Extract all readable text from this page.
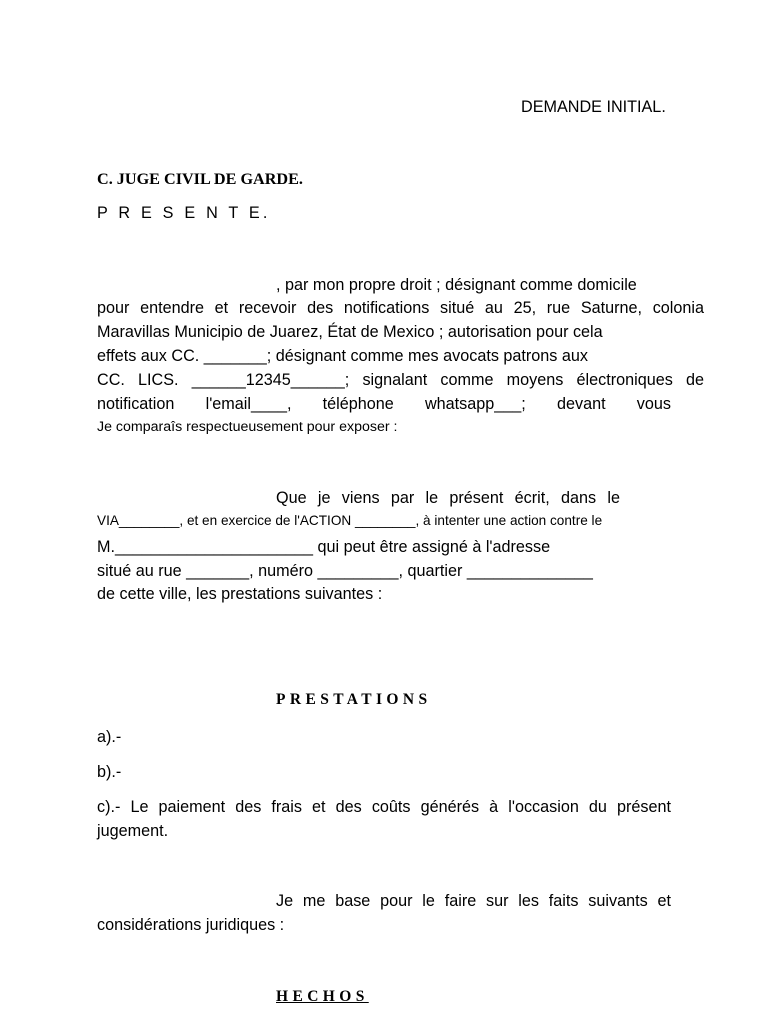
DEMANDE INITIAL.

C. JUGE CIVIL DE GARDE.

P R E S E N T E.

, par mon propre droit ; désignant comme domicile

pour entendre et recevoir des notifications situé au 25, rue Saturne, colonia

Maravillas Municipio de Juarez, État de Mexico ; autorisation pour cela

effets aux CC. _______; désignant comme mes avocats patrons aux

CC. LICS. ______12345______; signalant comme moyens électroniques de

notification l'email____, téléphone whatsapp___; devant vous

Je comparaîs respectueusement pour exposer :

Que je viens par le présent écrit, dans le

VIA________, et en exercice de l'ACTION ________, à intenter une action contre le

M.______________________ qui peut être assigné à l'adresse

situé au rue _______, numéro _________, quartier ______________

de cette ville, les prestations suivantes :

PRESTATIONS

a).-

b).-

c).- Le paiement des frais et des coûts générés à l'occasion du présent

jugement.

Je me base pour le faire sur les faits suivants et

considérations juridiques :

HECHOS
